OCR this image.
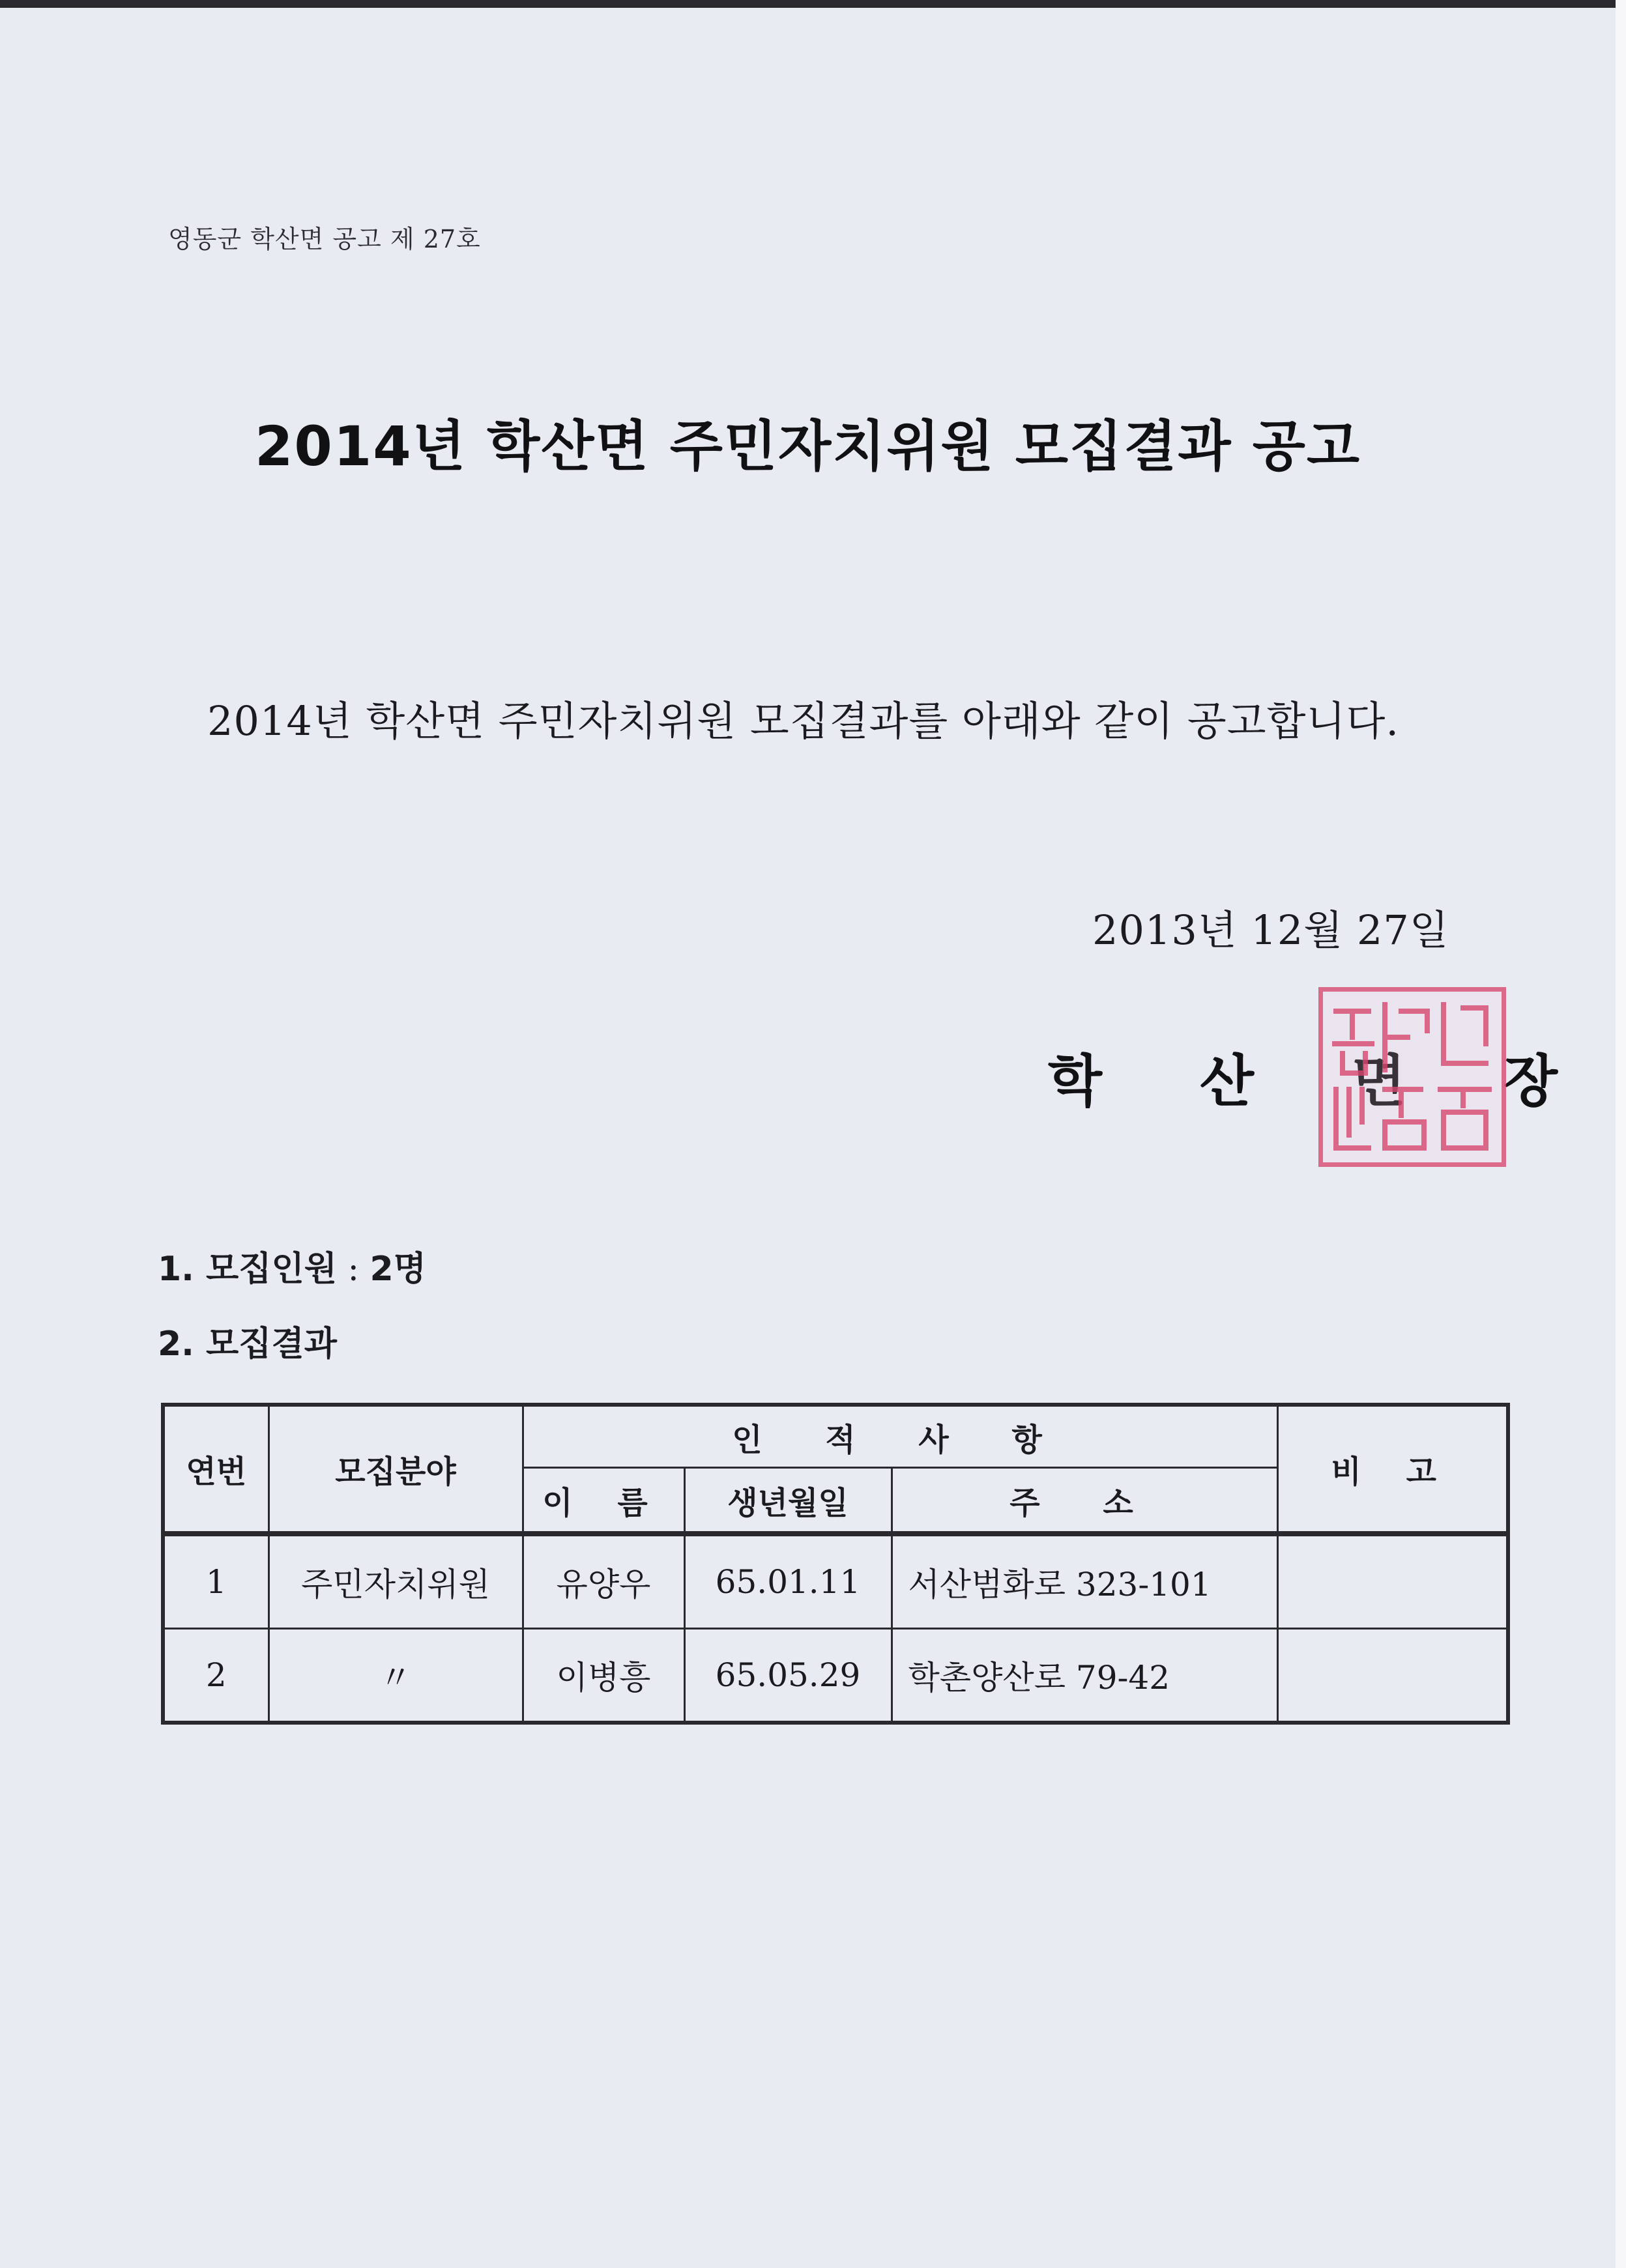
영동군 학산면 공고 제 27호
2014년 학산면 주민자치위원 모집결과 공고
2014년 학산면 주민자치위원 모집결과를 아래와 같이 공고합니다.
2013년 12월 27일
학 산 면 장
1. 모집인원 : 2명
2. 모집결과
연번	모집분야	인 적 사 항			비 고
		이 름	생년월일	주 소	
1	주민자치위원	유양우	65.01.11	서산범화로 323-101	
2	〃	이병흥	65.05.29	학촌양산로 79-42	
